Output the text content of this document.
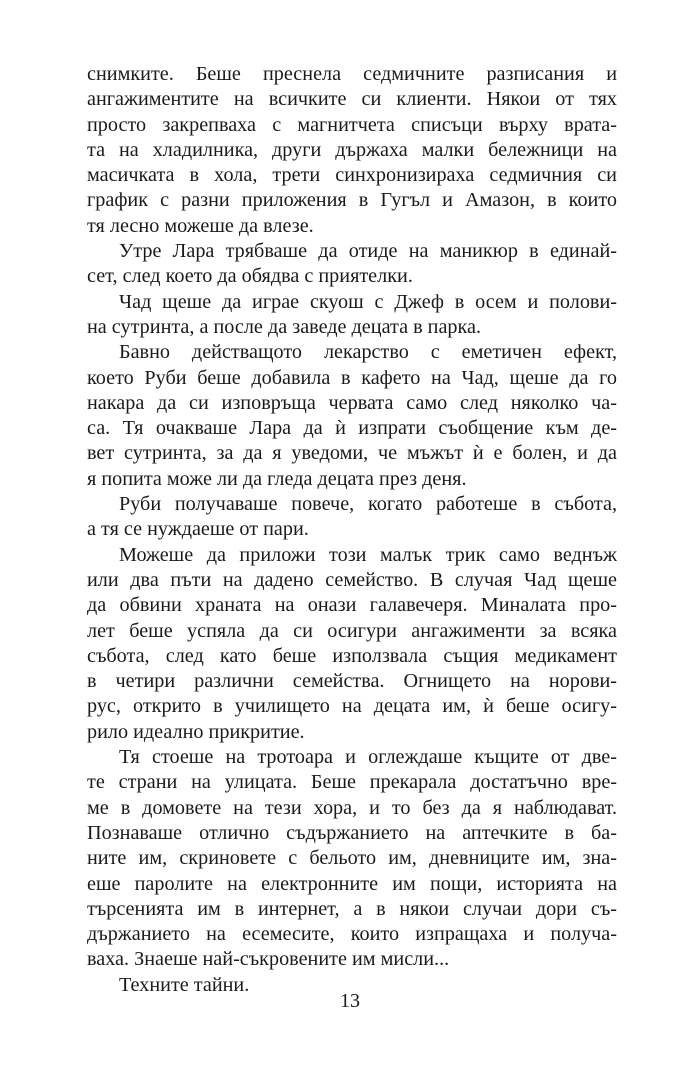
снимките. Беше преснела седмичните разписания и
ангажиментите на всичките си клиенти. Някои от тях
просто закрепваха с магнитчета списъци върху врата-
та на хладилника, други държаха малки бележници на
масичката в хола, трети синхронизираха седмичния си
график с разни приложения в Гугъл и Амазон, в които
тя лесно можеше да влезе.
Утре Лара трябваше да отиде на маникюр в единай-
сет, след което да обядва с приятелки.
Чад щеше да играе скуош с Джеф в осем и полови-
на сутринта, а после да заведе децата в парка.
Бавно действащото лекарство с еметичен ефект,
което Руби беше добавила в кафето на Чад, щеше да го
накара да си изповръща червата само след няколко ча-
са. Тя очакваше Лара да ѝ изпрати съобщение към де-
вет сутринта, за да я уведоми, че мъжът ѝ е болен, и да
я попита може ли да гледа децата през деня.
Руби получаваше повече, когато работеше в събота,
а тя се нуждаеше от пари.
Можеше да приложи този малък трик само веднъж
или два пъти на дадено семейство. В случая Чад щеше
да обвини храната на онази галавечеря. Миналата про-
лет беше успяла да си осигури ангажименти за всяка
събота, след като беше използвала същия медикамент
в четири различни семейства. Огнището на норови-
рус, открито в училището на децата им, ѝ беше осигу-
рило идеално прикритие.
Тя стоеше на тротоара и оглеждаше къщите от две-
те страни на улицата. Беше прекарала достатъчно вре-
ме в домовете на тези хора, и то без да я наблюдават.
Познаваше отлично съдържанието на аптечките в ба-
ните им, скриновете с бельото им, дневниците им, зна-
еше паролите на електронните им пощи, историята на
търсенията им в интернет, а в някои случаи дори съ-
държанието на есемесите, които изпращаха и получа-
ваха. Знаеше най-съкровените им мисли...
Техните тайни.
13
